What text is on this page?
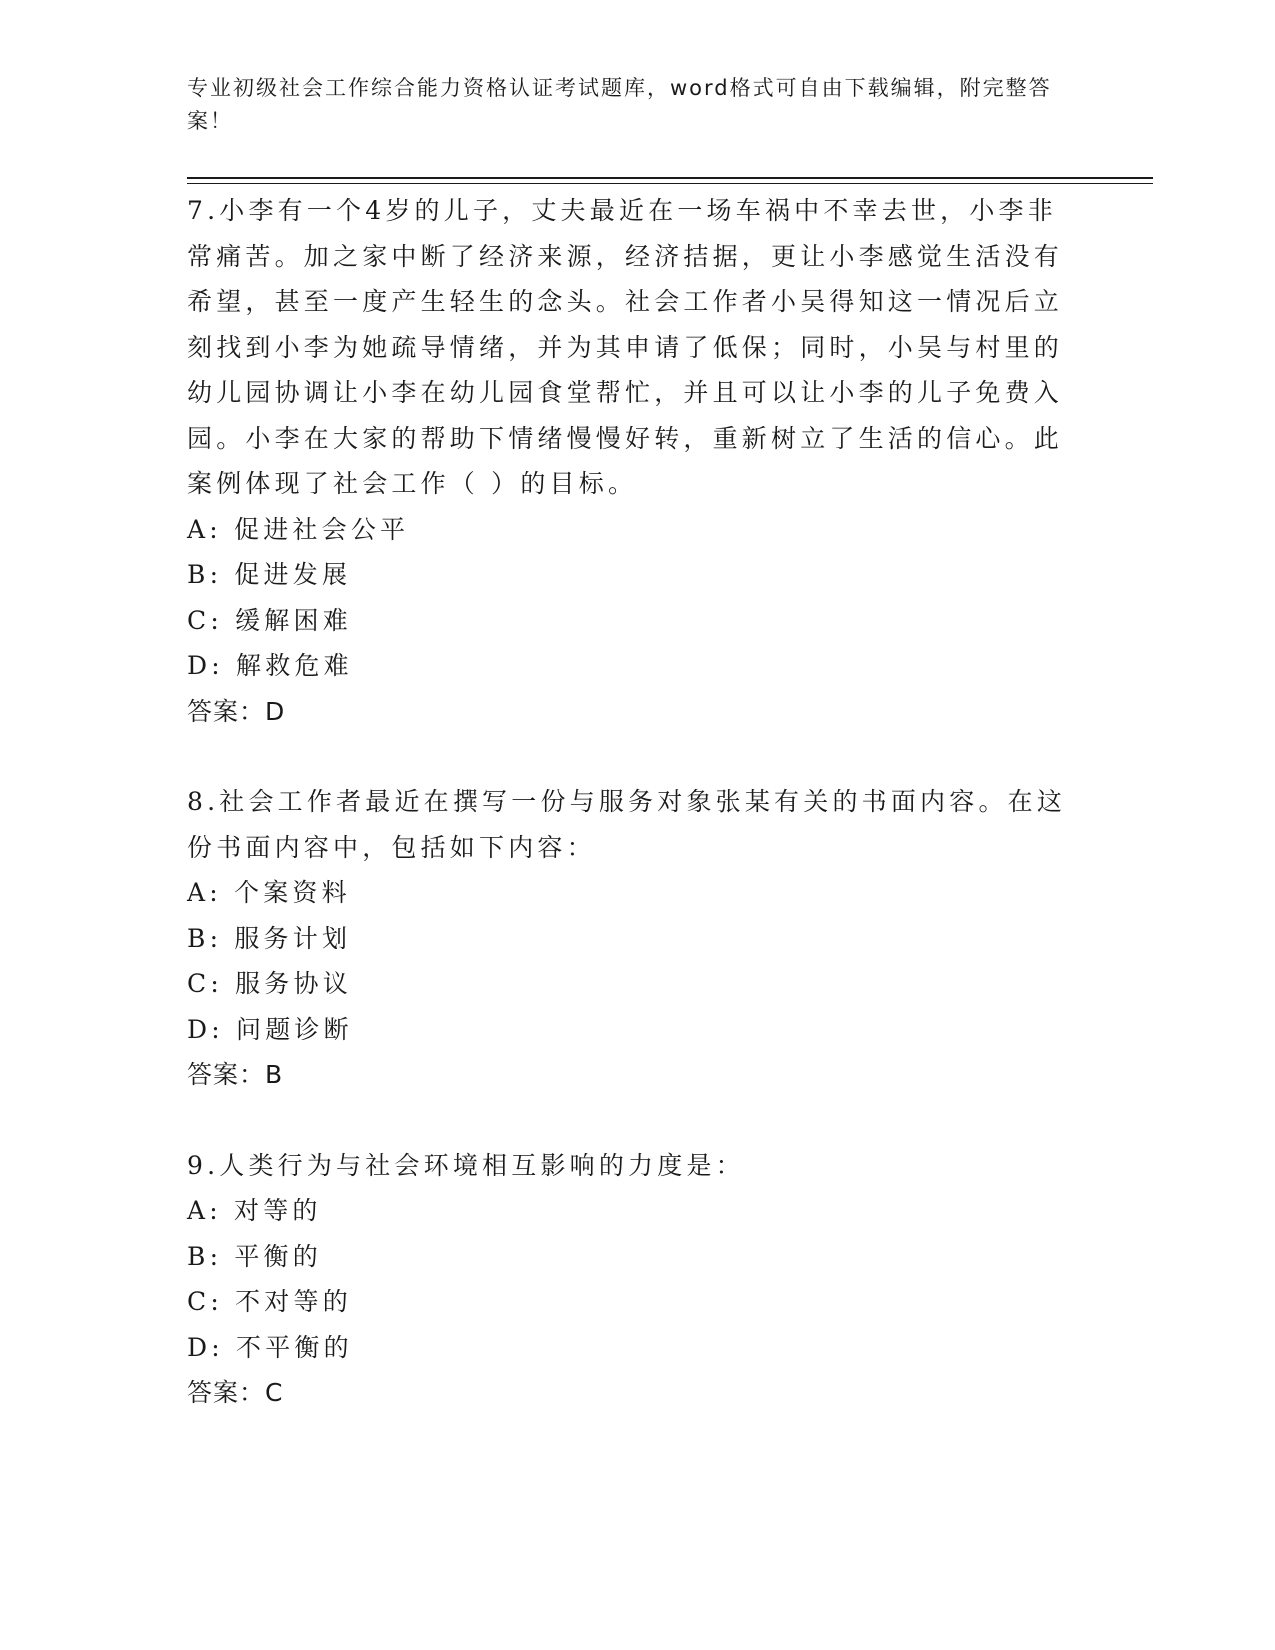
专业初级社会工作综合能力资格认证考试题库，word格式可自由下载编辑，附完整答案！
7.小李有一个4岁的儿子，丈夫最近在一场车祸中不幸去世，小李非常痛苦。加之家中断了经济来源，经济拮据，更让小李感觉生活没有希望，甚至一度产生轻生的念头。社会工作者小吴得知这一情况后立刻找到小李为她疏导情绪，并为其申请了低保；同时，小吴与村里的幼儿园协调让小李在幼儿园食堂帮忙，并且可以让小李的儿子免费入园。小李在大家的帮助下情绪慢慢好转，重新树立了生活的信心。此案例体现了社会工作（ ）的目标。
A: 促进社会公平
B: 促进发展
C: 缓解困难
D: 解救危难
答案：D
8.社会工作者最近在撰写一份与服务对象张某有关的书面内容。在这份书面内容中，包括如下内容：
A: 个案资料
B: 服务计划
C: 服务协议
D: 问题诊断
答案：B
9.人类行为与社会环境相互影响的力度是：
A: 对等的
B: 平衡的
C: 不对等的
D: 不平衡的
答案：C
